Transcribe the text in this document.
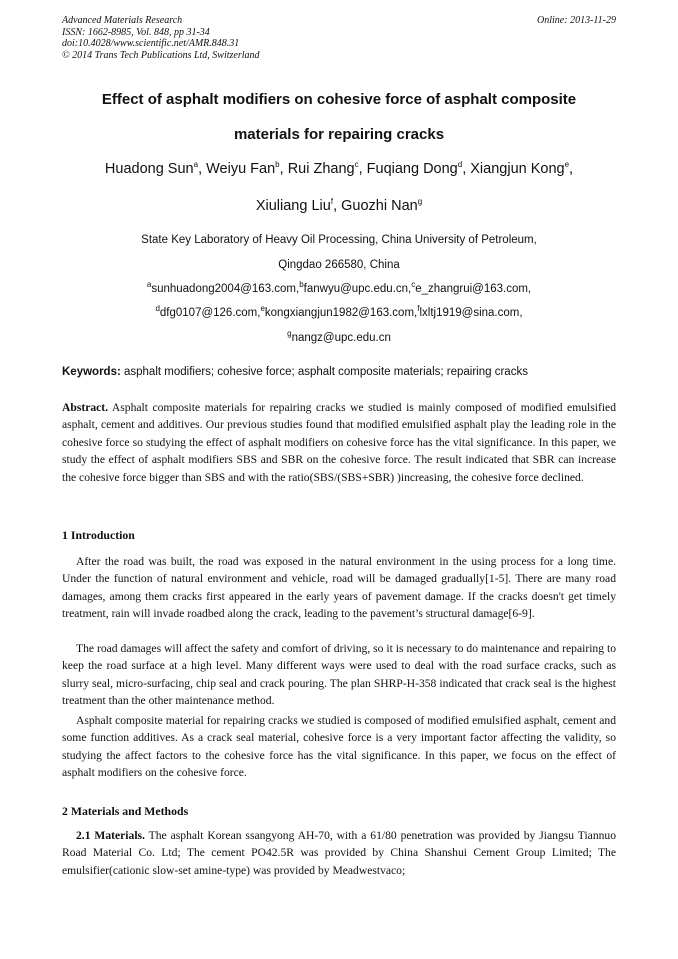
Advanced Materials Research
ISSN: 1662-8985, Vol. 848, pp 31-34
doi:10.4028/www.scientific.net/AMR.848.31
© 2014 Trans Tech Publications Ltd, Switzerland
Online: 2013-11-29
Effect of asphalt modifiers on cohesive force of asphalt composite
materials for repairing cracks
Huadong Sun$^a$, Weiyu Fan$^b$, Rui Zhang$^c$, Fuqiang Dong$^d$, Xiangjun Kong$^e$,
Xiuliang Liu$^f$, Guozhi Nan$^g$
State Key Laboratory of Heavy Oil Processing, China University of Petroleum,
Qingdao 266580, China
$^a$sunhuadong2004@163.com,$^b$fanwyu@upc.edu.cn,$^c$e_zhangrui@163.com,
$^d$dfg0107@126.com,$^e$kongxiangjun1982@163.com,$^f$lxltj1919@sina.com,
$^g$nangz@upc.edu.cn
Keywords: asphalt modifiers; cohesive force; asphalt composite materials; repairing cracks

Abstract. Asphalt composite materials for repairing cracks we studied is mainly composed of modified emulsified asphalt, cement and additives. Our previous studies found that modified emulsified asphalt play the leading role in the cohesive force so studying the effect of asphalt modifiers on cohesive force has the vital significance. In this paper, we study the effect of asphalt modifiers SBS and SBR on the cohesive force. The result indicated that SBR can increase the cohesive force bigger than SBS and with the ratio(SBS/(SBS+SBR) )increasing, the cohesive force declined.

1 Introduction

After the road was built, the road was exposed in the natural environment in the using process for a long time. Under the function of natural environment and vehicle, road will be damaged gradually[1-5]. There are many road damages, among them cracks first appeared in the early years of pavement damage. If the cracks doesn't get timely treatment, rain will invade roadbed along the crack, leading to the pavement’s structural damage[6-9].

The road damages will affect the safety and comfort of driving, so it is necessary to do maintenance and repairing to keep the road surface at a high level. Many different ways were used to deal with the road surface cracks, such as slurry seal, micro-surfacing, chip seal and crack pouring. The plan SHRP-H-358 indicated that crack seal is the highest treatment than the other maintenance method.

Asphalt composite material for repairing cracks we studied is composed of modified emulsified asphalt, cement and some function additives. As a crack seal material, cohesive force is a very important factor affecting the validity, so studying the affect factors to the cohesive force has the vital significance. In this paper, we focus on the effect of asphalt modifiers on the cohesive force.

2 Materials and Methods

2.1 Materials. The asphalt Korean ssangyong AH-70, with a 61/80 penetration was provided by Jiangsu Tiannuo Road Material Co. Ltd; The cement PO42.5R was provided by China Shanshui Cement Group Limited; The emulsifier(cationic slow-set amine-type) was provided by Meadwestvaco;
